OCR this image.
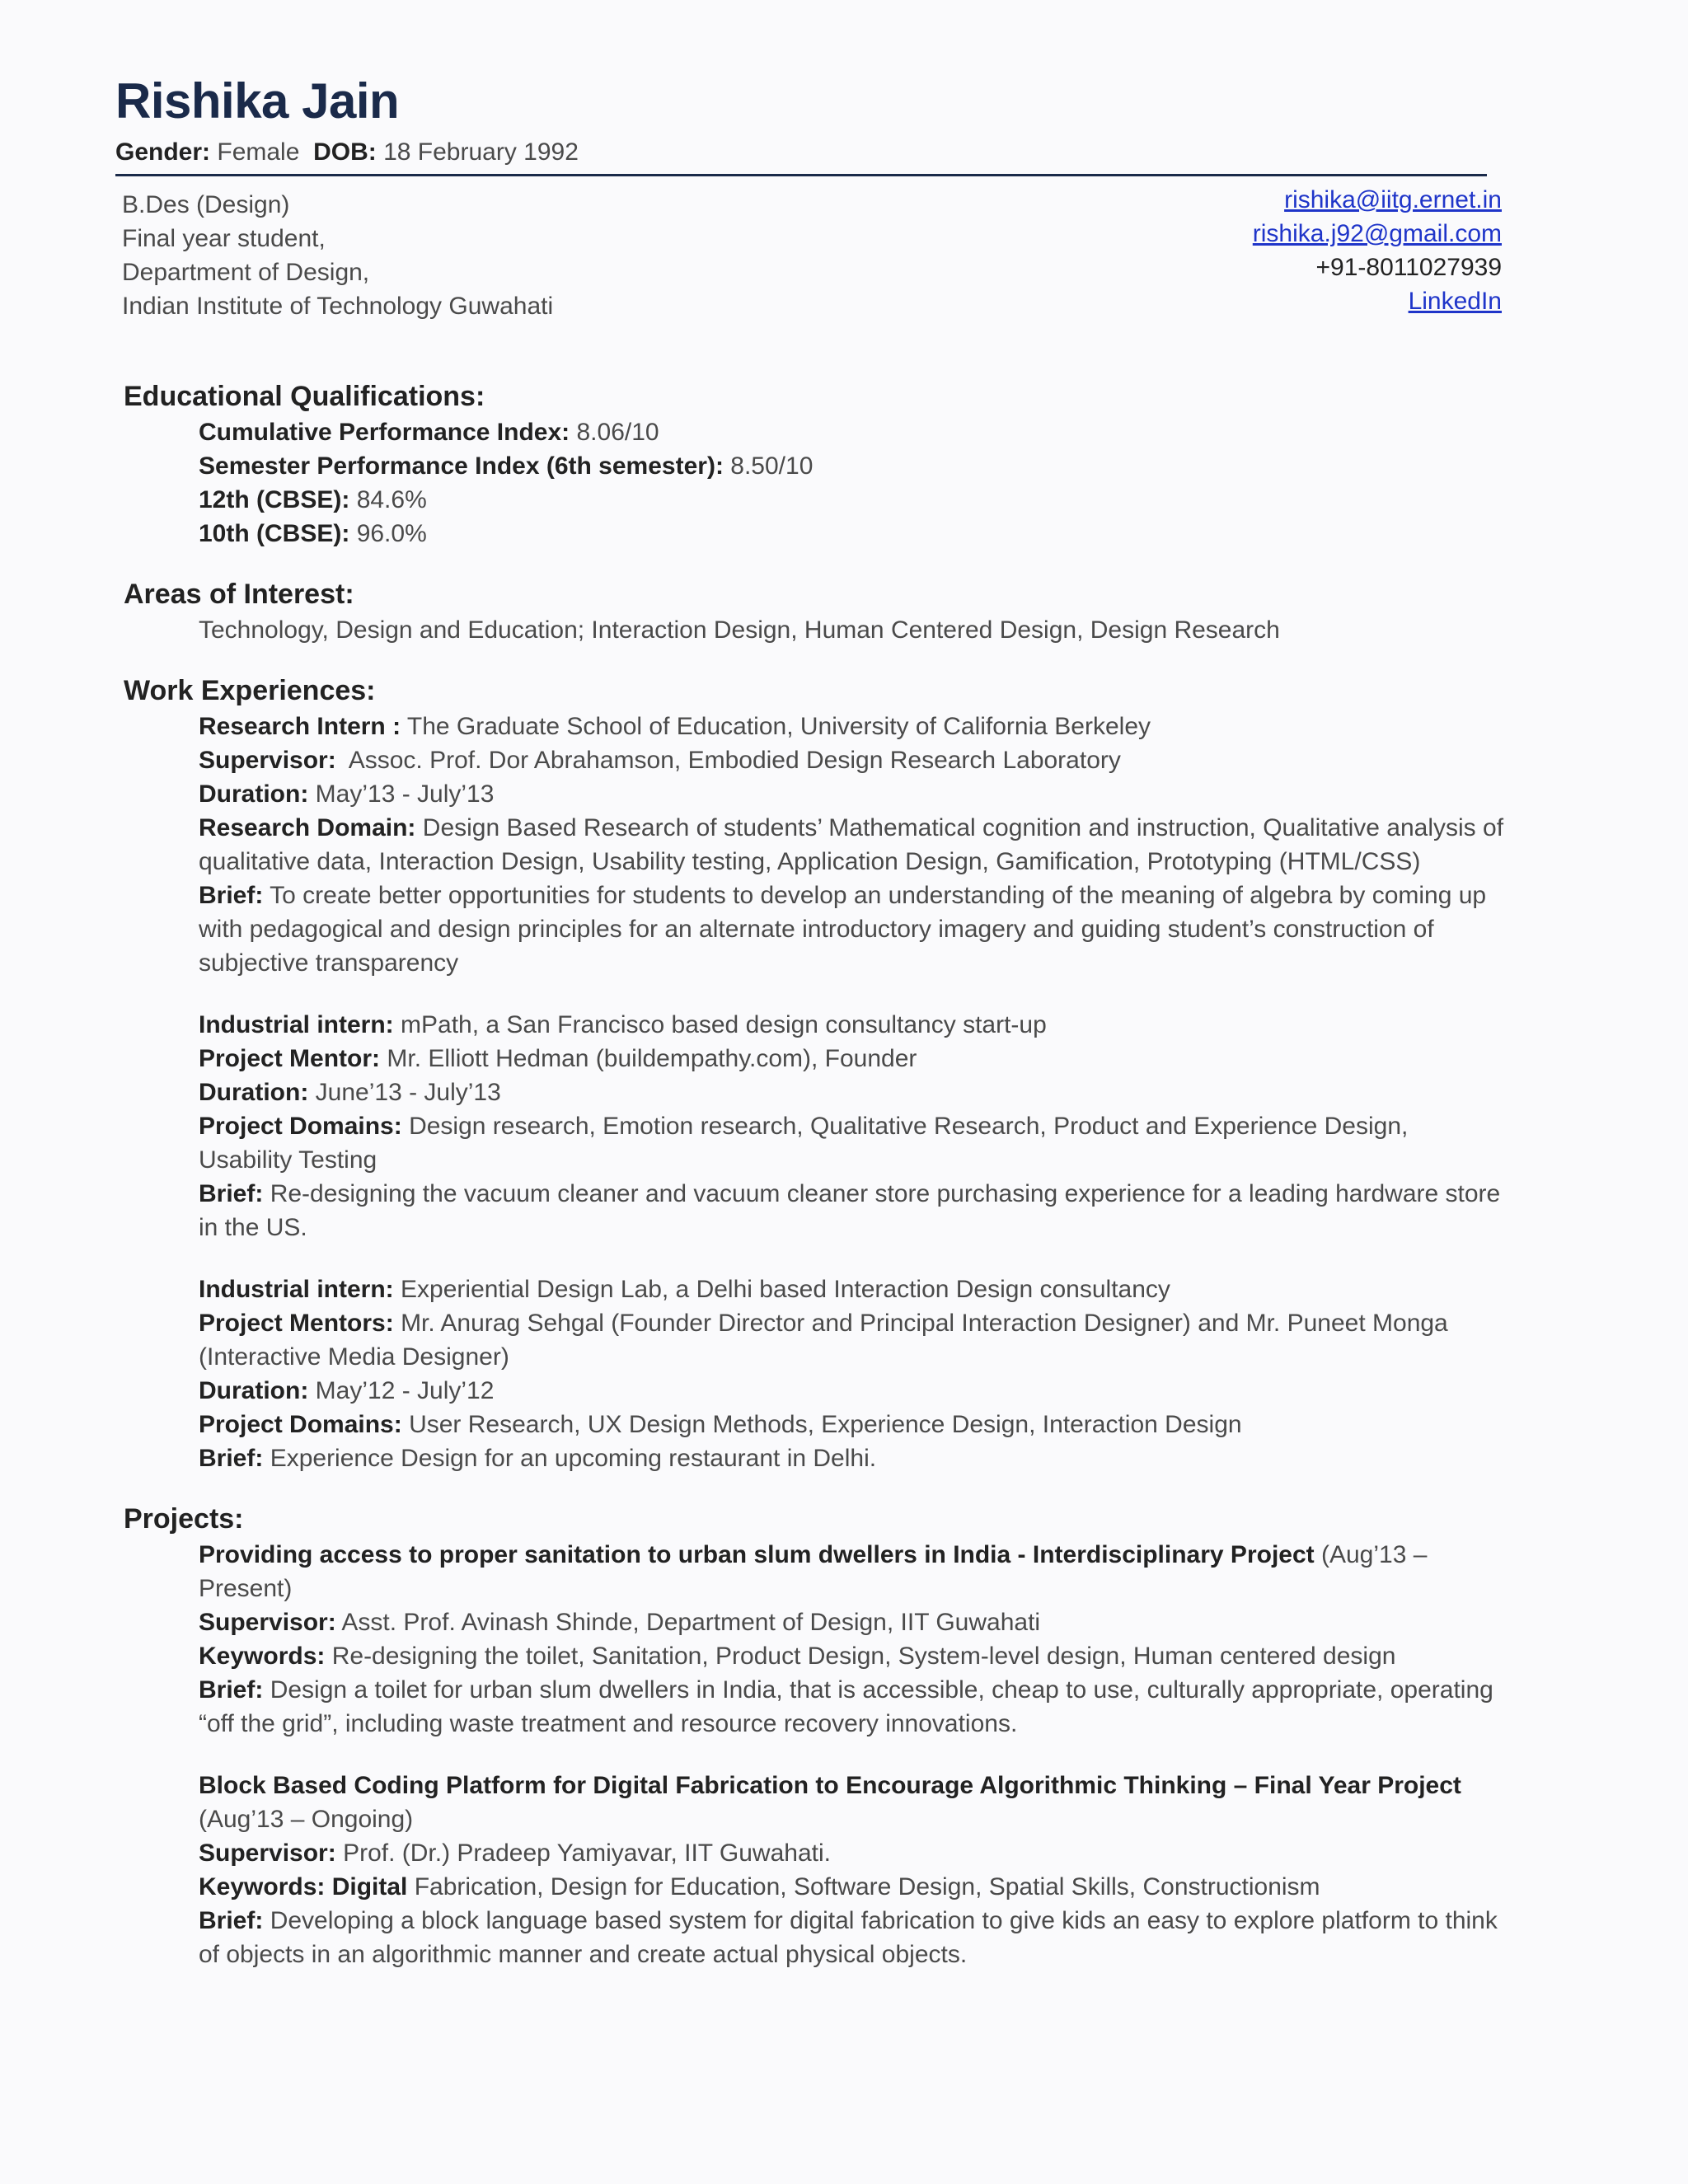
Rishika Jain
Gender: Female DOB: 18 February 1992
B.Des (Design)
Final year student,
Department of Design,
Indian Institute of Technology Guwahati
rishika@iitg.ernet.in
rishika.j92@gmail.com
+91-8011027939
LinkedIn
Educational Qualifications:
Cumulative Performance Index: 8.06/10
Semester Performance Index (6th semester): 8.50/10
12th (CBSE): 84.6%
10th (CBSE): 96.0%
Areas of Interest:
Technology, Design and Education; Interaction Design, Human Centered Design, Design Research
Work Experiences:
Research Intern : The Graduate School of Education, University of California Berkeley
Supervisor: Assoc. Prof. Dor Abrahamson, Embodied Design Research Laboratory
Duration: May’13 - July’13
Research Domain: Design Based Research of students’ Mathematical cognition and instruction, Qualitative analysis of qualitative data, Interaction Design, Usability testing, Application Design, Gamification, Prototyping (HTML/CSS)
Brief: To create better opportunities for students to develop an understanding of the meaning of algebra by coming up with pedagogical and design principles for an alternate introductory imagery and guiding student’s construction of subjective transparency
Industrial intern: mPath, a San Francisco based design consultancy start-up
Project Mentor: Mr. Elliott Hedman (buildempathy.com), Founder
Duration: June’13 - July’13
Project Domains: Design research, Emotion research, Qualitative Research, Product and Experience Design, Usability Testing
Brief: Re-designing the vacuum cleaner and vacuum cleaner store purchasing experience for a leading hardware store in the US.
Industrial intern: Experiential Design Lab, a Delhi based Interaction Design consultancy
Project Mentors: Mr. Anurag Sehgal (Founder Director and Principal Interaction Designer) and Mr. Puneet Monga (Interactive Media Designer)
Duration: May’12 - July’12
Project Domains: User Research, UX Design Methods, Experience Design, Interaction Design
Brief: Experience Design for an upcoming restaurant in Delhi.
Projects:
Providing access to proper sanitation to urban slum dwellers in India - Interdisciplinary Project (Aug’13 – Present)
Supervisor: Asst. Prof. Avinash Shinde, Department of Design, IIT Guwahati
Keywords: Re-designing the toilet, Sanitation, Product Design, System-level design, Human centered design
Brief: Design a toilet for urban slum dwellers in India, that is accessible, cheap to use, culturally appropriate, operating “off the grid”, including waste treatment and resource recovery innovations.
Block Based Coding Platform for Digital Fabrication to Encourage Algorithmic Thinking – Final Year Project (Aug’13 – Ongoing)
Supervisor: Prof. (Dr.) Pradeep Yamiyavar, IIT Guwahati.
Keywords: Digital Fabrication, Design for Education, Software Design, Spatial Skills, Constructionism
Brief: Developing a block language based system for digital fabrication to give kids an easy to explore platform to think of objects in an algorithmic manner and create actual physical objects.
